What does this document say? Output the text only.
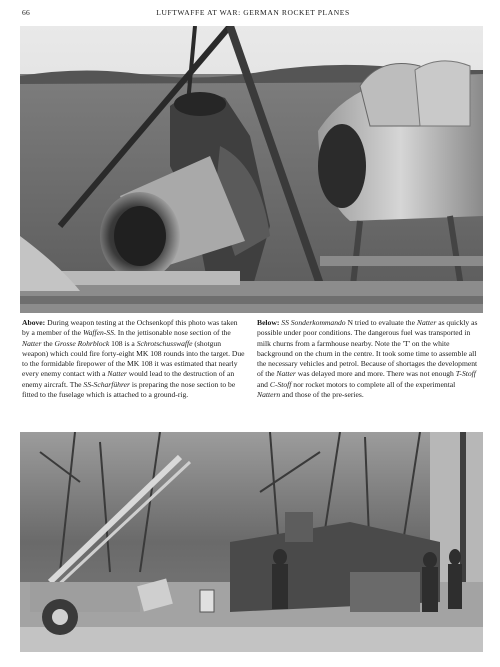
66	LUFTWAFFE AT WAR: GERMAN ROCKET PLANES

Above: During weapon testing at the Ochsenkopf this photo was taken by a member of the Waffen-SS. In the jettisonable nose section of the Natter the Grosse Rohrblock 108 is a Schrotschusswaffe (shotgun weapon) which could fire forty-eight MK 108 rounds into the target. Due to the formidable firepower of the MK 108 it was estimated that nearly every enemy contact with a Natter would lead to the destruction of an enemy aircraft. The SS-Scharführer is preparing the nose section to be fitted to the fuselage which is attached to a ground-rig.

Below: SS Sonderkommando N tried to evaluate the Natter as quickly as possible under poor conditions. The dangerous fuel was transported in milk churns from a farmhouse nearby. Note the 'T' on the white background on the churn in the centre. It took some time to assemble all the necessary vehicles and petrol. Because of shortages the development of the Natter was delayed more and more. There was not enough T-Stoff and C-Stoff nor rocket motors to complete all of the experimental Nattern and those of the pre-series.
